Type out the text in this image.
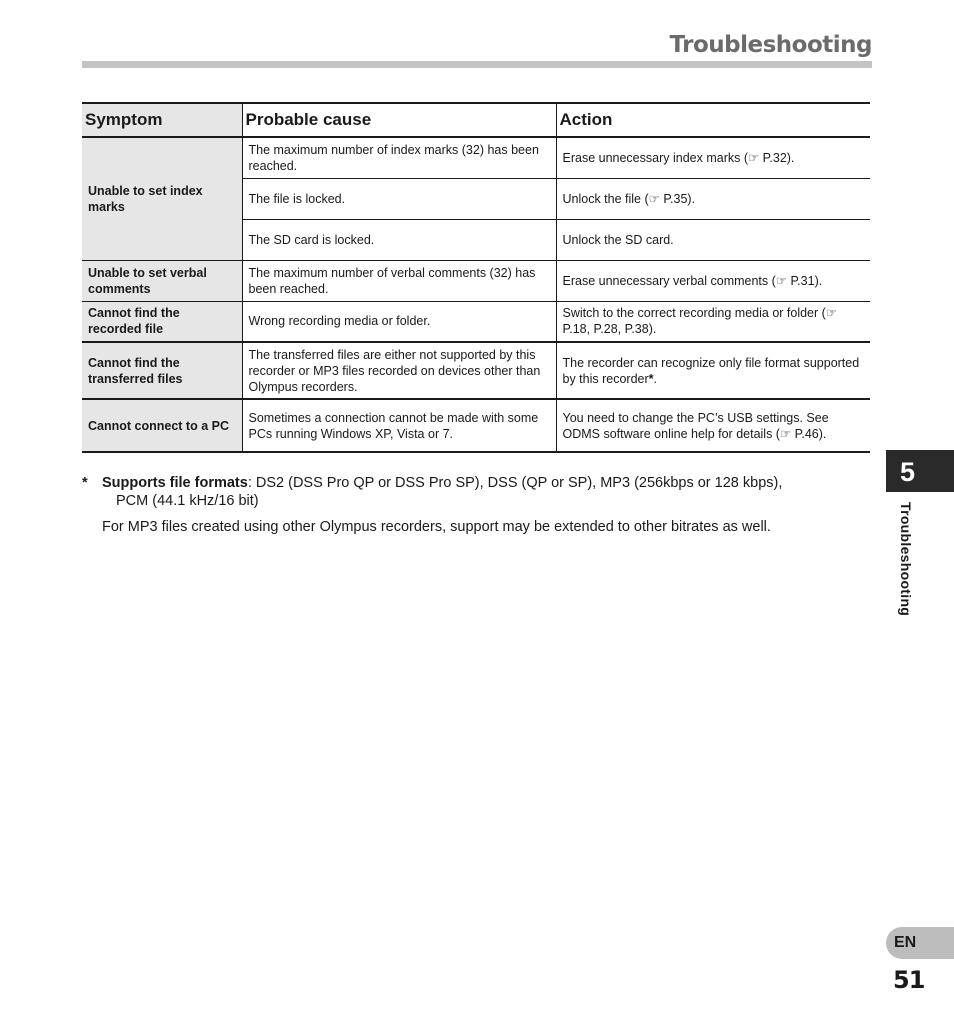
Troubleshooting
Symptom	Probable cause	Action
Unable to set index marks	The maximum number of index marks (32) has been reached.	Erase unnecessary index marks (☞ P.32).
	The file is locked.	Unlock the file (☞ P.35).
	The SD card is locked.	Unlock the SD card.
Unable to set verbal comments	The maximum number of verbal comments (32) has been reached.	Erase unnecessary verbal comments (☞ P.31).
Cannot find the recorded file	Wrong recording media or folder.	Switch to the correct recording media or folder (☞ P.18, P.28, P.38).
Cannot find the transferred files	The transferred files are either not supported by this recorder or MP3 files recorded on devices other than Olympus recorders.	The recorder can recognize only file format supported by this recorder*.
Cannot connect to a PC	Sometimes a connection cannot be made with some PCs running Windows XP, Vista or 7.	You need to change the PC’s USB settings. See ODMS software online help for details (☞ P.46).
* Supports file formats: DS2 (DSS Pro QP or DSS Pro SP), DSS (QP or SP), MP3 (256kbps or 128 kbps),
PCM (44.1 kHz/16 bit)
For MP3 files created using other Olympus recorders, support may be extended to other bitrates as well.
5
Troubleshooting
EN
51
